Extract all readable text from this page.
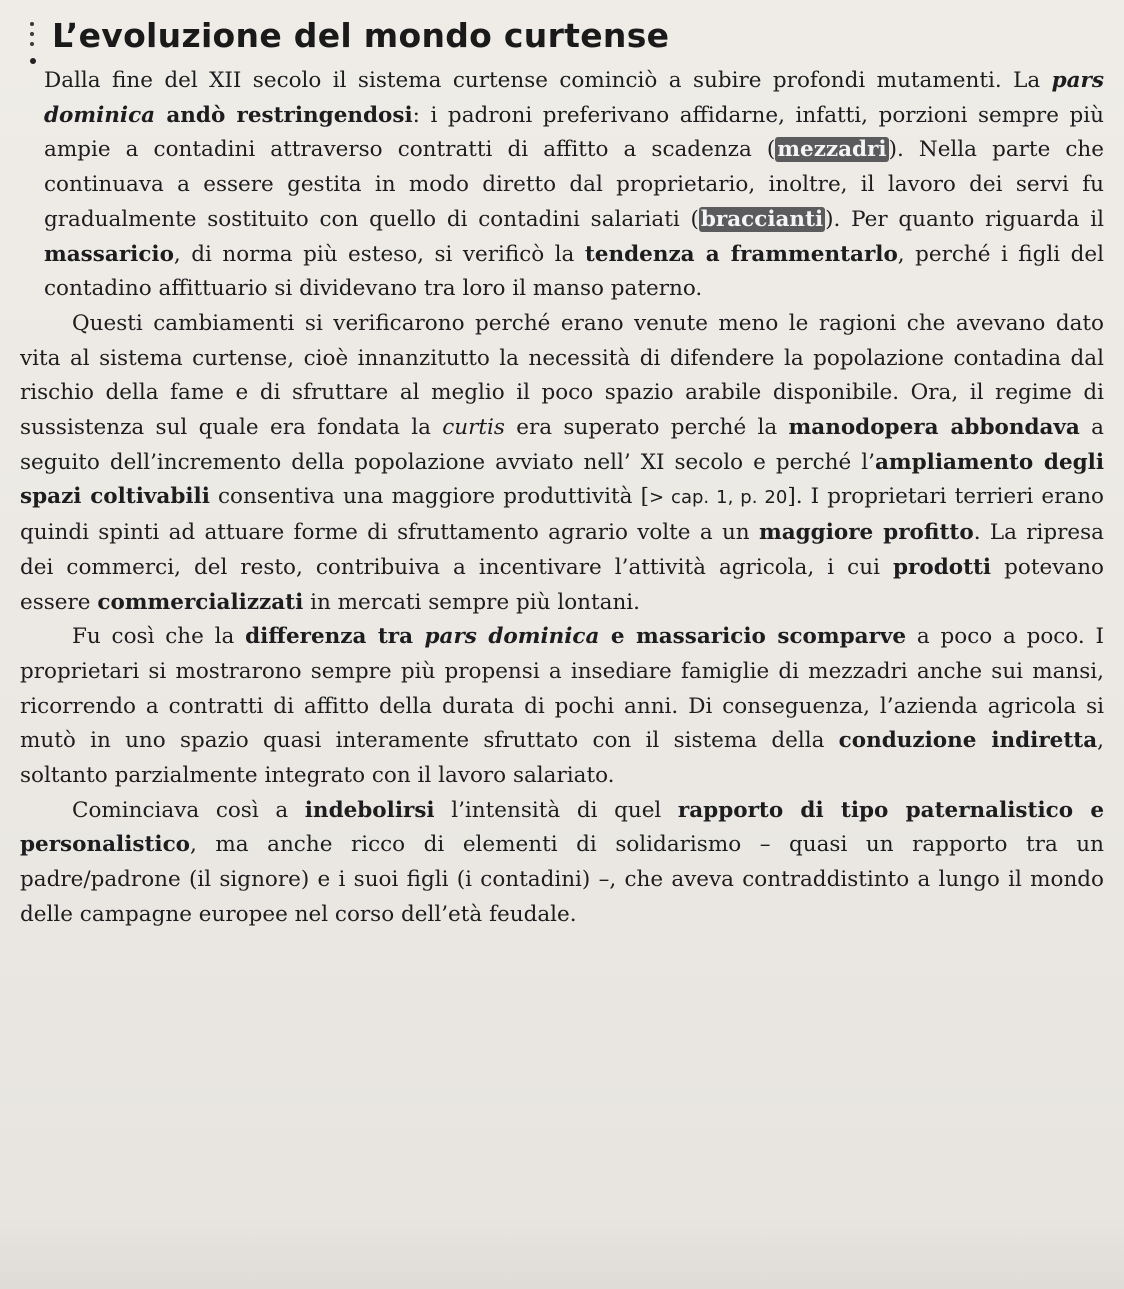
L’evoluzione del mondo curtense

Dalla fine del XII secolo il sistema curtense cominciò a subire profondi mutamenti. La pars dominica andò restringendosi: i padroni preferivano affidarne, infatti, porzioni sempre più ampie a contadini attraverso contratti di affitto a scadenza (mezzadri). Nella parte che continuava a essere gestita in modo diretto dal proprietario, inoltre, il lavoro dei servi fu gradualmente sostituito con quello di contadini salariati (braccianti). Per quanto riguarda il massaricio, di norma più esteso, si verificò la tendenza a frammentarlo, perché i figli del contadino affittuario si dividevano tra loro il manso paterno.

Questi cambiamenti si verificarono perché erano venute meno le ragioni che avevano dato vita al sistema curtense, cioè innanzitutto la necessità di difendere la popolazione contadina dal rischio della fame e di sfruttare al meglio il poco spazio arabile disponibile. Ora, il regime di sussistenza sul quale era fondata la curtis era superato perché la manodopera abbondava a seguito dell’incremento della popolazione avviato nell’ XI secolo e perché l’ampliamento degli spazi coltivabili consentiva una maggiore produttività [> cap. 1, p. 20]. I proprietari terrieri erano quindi spinti ad attuare forme di sfruttamento agrario volte a un maggiore profitto. La ripresa dei commerci, del resto, contribuiva a incentivare l’attività agricola, i cui prodotti potevano essere commercializzati in mercati sempre più lontani.

Fu così che la differenza tra pars dominica e massaricio scomparve a poco a poco. I proprietari si mostrarono sempre più propensi a insediare famiglie di mezzadri anche sui mansi, ricorrendo a contratti di affitto della durata di pochi anni. Di conseguenza, l’azienda agricola si mutò in uno spazio quasi interamente sfruttato con il sistema della conduzione indiretta, soltanto parzialmente integrato con il lavoro salariato.

Cominciava così a indebolirsi l’intensità di quel rapporto di tipo paternalistico e personalistico, ma anche ricco di elementi di solidarismo – quasi un rapporto tra un padre/padrone (il signore) e i suoi figli (i contadini) –, che aveva contraddistinto a lungo il mondo delle campagne europee nel corso dell’età feudale.
